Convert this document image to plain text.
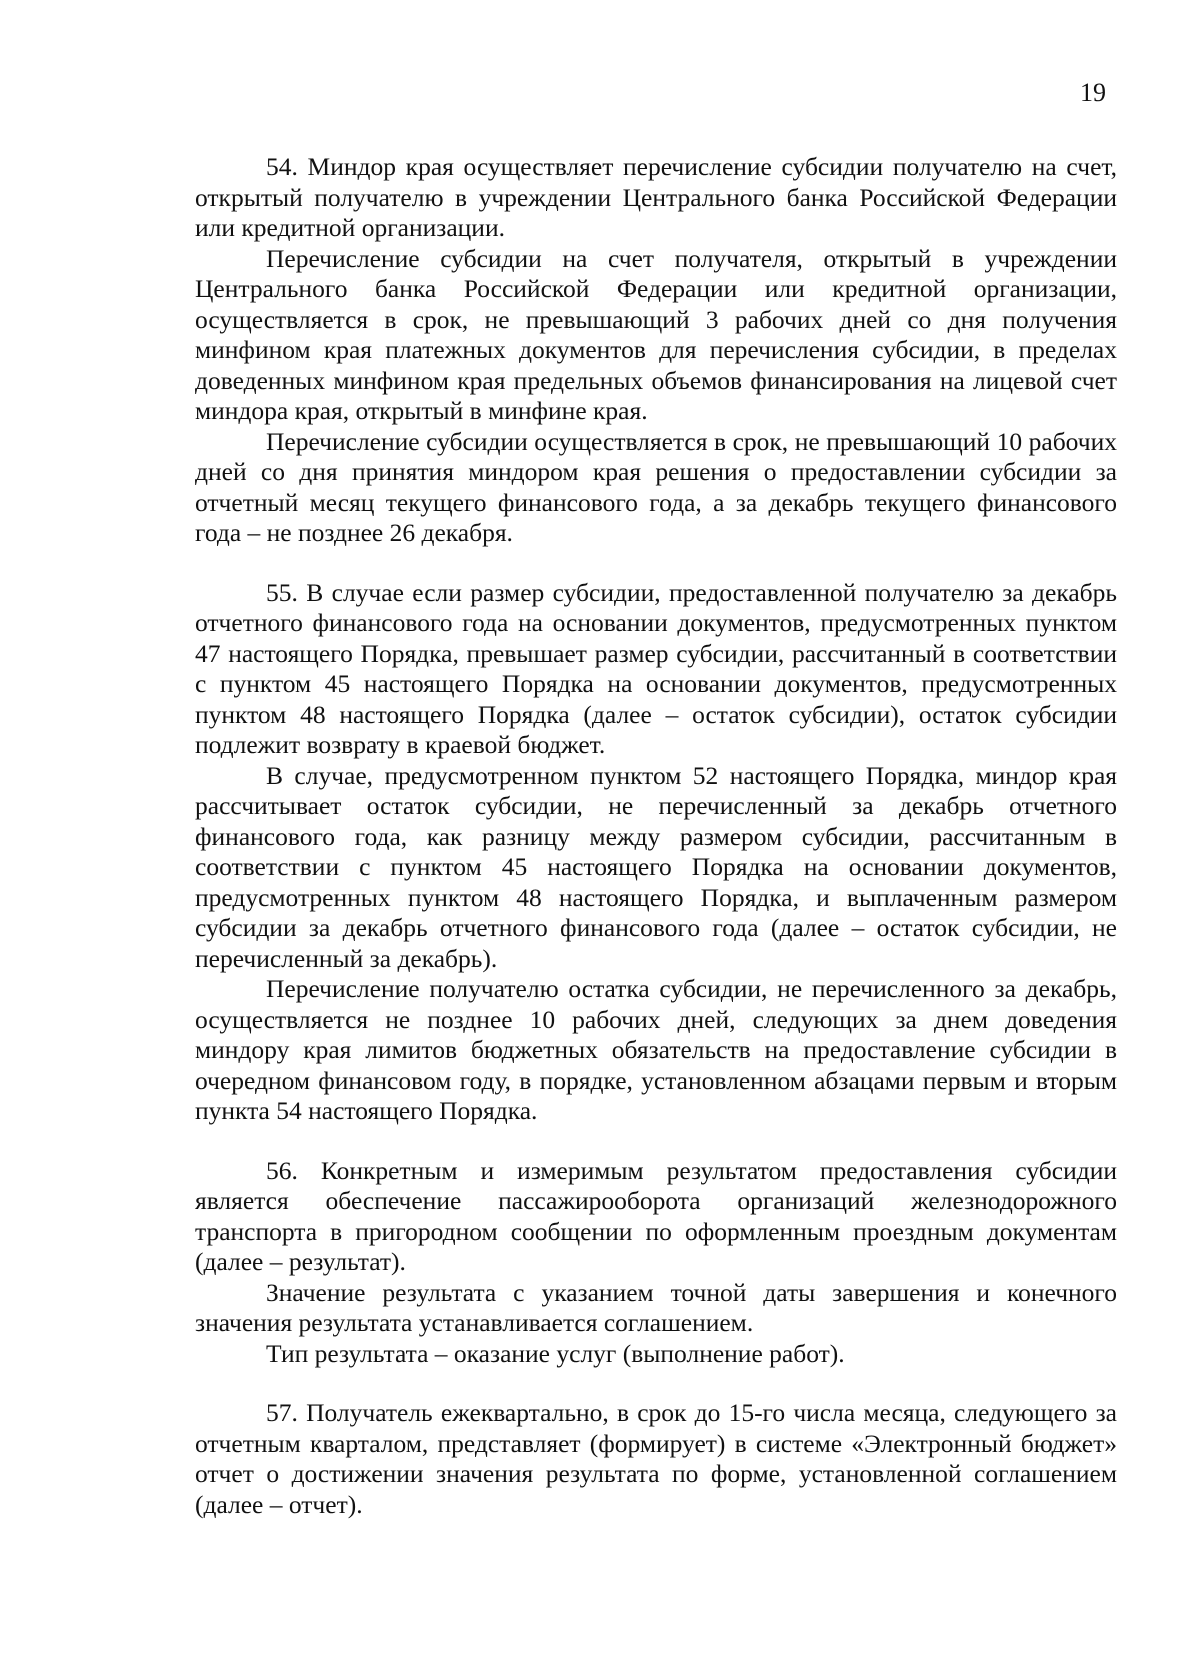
19

54. Миндор края осуществляет перечисление субсидии получателю на счет, открытый получателю в учреждении Центрального банка Российской Федерации или кредитной организации.

Перечисление субсидии на счет получателя, открытый в учреждении Центрального банка Российской Федерации или кредитной организации, осуществляется в срок, не превышающий 3 рабочих дней со дня получения минфином края платежных документов для перечисления субсидии, в пределах доведенных минфином края предельных объемов финансирования на лицевой счет миндора края, открытый в минфине края.

Перечисление субсидии осуществляется в срок, не превышающий 10 рабочих дней со дня принятия миндором края решения о предоставлении субсидии за отчетный месяц текущего финансового года, а за декабрь текущего финансового года – не позднее 26 декабря.

55. В случае если размер субсидии, предоставленной получателю за декабрь отчетного финансового года на основании документов, предусмотренных пунктом 47 настоящего Порядка, превышает размер субсидии, рассчитанный в соответствии с пунктом 45 настоящего Порядка на основании документов, предусмотренных пунктом 48 настоящего Порядка (далее – остаток субсидии), остаток субсидии подлежит возврату в краевой бюджет.

В случае, предусмотренном пунктом 52 настоящего Порядка, миндор края рассчитывает остаток субсидии, не перечисленный за декабрь отчетного финансового года, как разницу между размером субсидии, рассчитанным в соответствии с пунктом 45 настоящего Порядка на основании документов, предусмотренных пунктом 48 настоящего Порядка, и выплаченным размером субсидии за декабрь отчетного финансового года (далее – остаток субсидии, не перечисленный за декабрь).

Перечисление получателю остатка субсидии, не перечисленного за декабрь, осуществляется не позднее 10 рабочих дней, следующих за днем доведения миндору края лимитов бюджетных обязательств на предоставление субсидии в очередном финансовом году, в порядке, установленном абзацами первым и вторым пункта 54 настоящего Порядка.

56. Конкретным и измеримым результатом предоставления субсидии является обеспечение пассажирооборота организаций железнодорожного транспорта в пригородном сообщении по оформленным проездным документам (далее – результат).

Значение результата с указанием точной даты завершения и конечного значения результата устанавливается соглашением.

Тип результата – оказание услуг (выполнение работ).

57. Получатель ежеквартально, в срок до 15-го числа месяца, следующего за отчетным кварталом, представляет (формирует) в системе «Электронный бюджет» отчет о достижении значения результата по форме, установленной соглашением (далее – отчет).
